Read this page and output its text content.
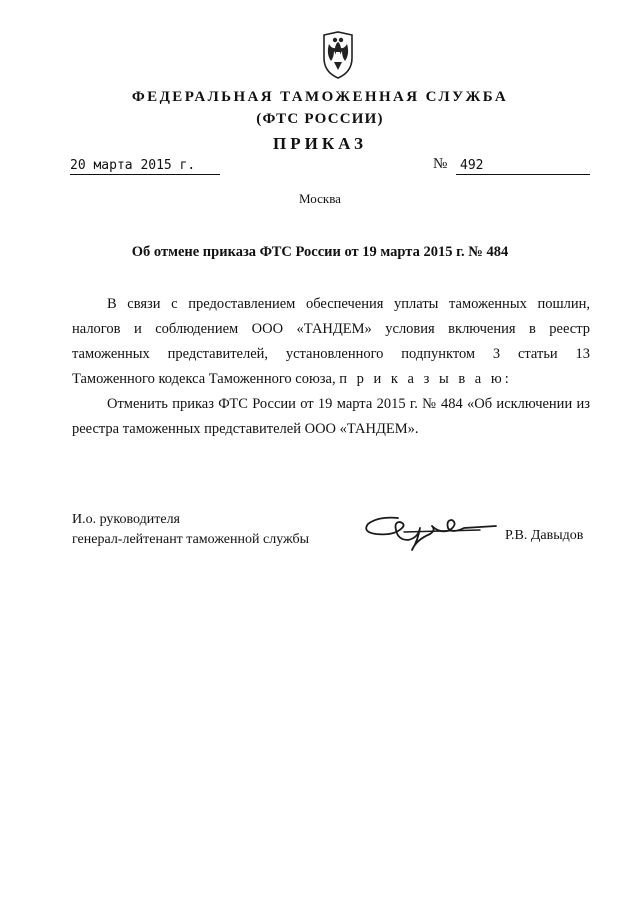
ФЕДЕРАЛЬНАЯ ТАМОЖЕННАЯ СЛУЖБА
(ФТС РОССИИ)
ПРИКАЗ
20 марта 2015 г.	№ 492
Москва
Об отмене приказа ФТС России от 19 марта 2015 г. № 484

В связи с предоставлением обеспечения уплаты таможенных пошлин, налогов и соблюдением ООО «ТАНДЕМ» условия включения в реестр таможенных представителей, установленного подпунктом 3 статьи 13 Таможенного кодекса Таможенного союза, п р и к а з ы в а ю:

Отменить приказ ФТС России от 19 марта 2015 г. № 484 «Об исключении из реестра таможенных представителей ООО «ТАНДЕМ».

И.о. руководителя
генерал-лейтенант таможенной службы	Р.В. Давыдов
